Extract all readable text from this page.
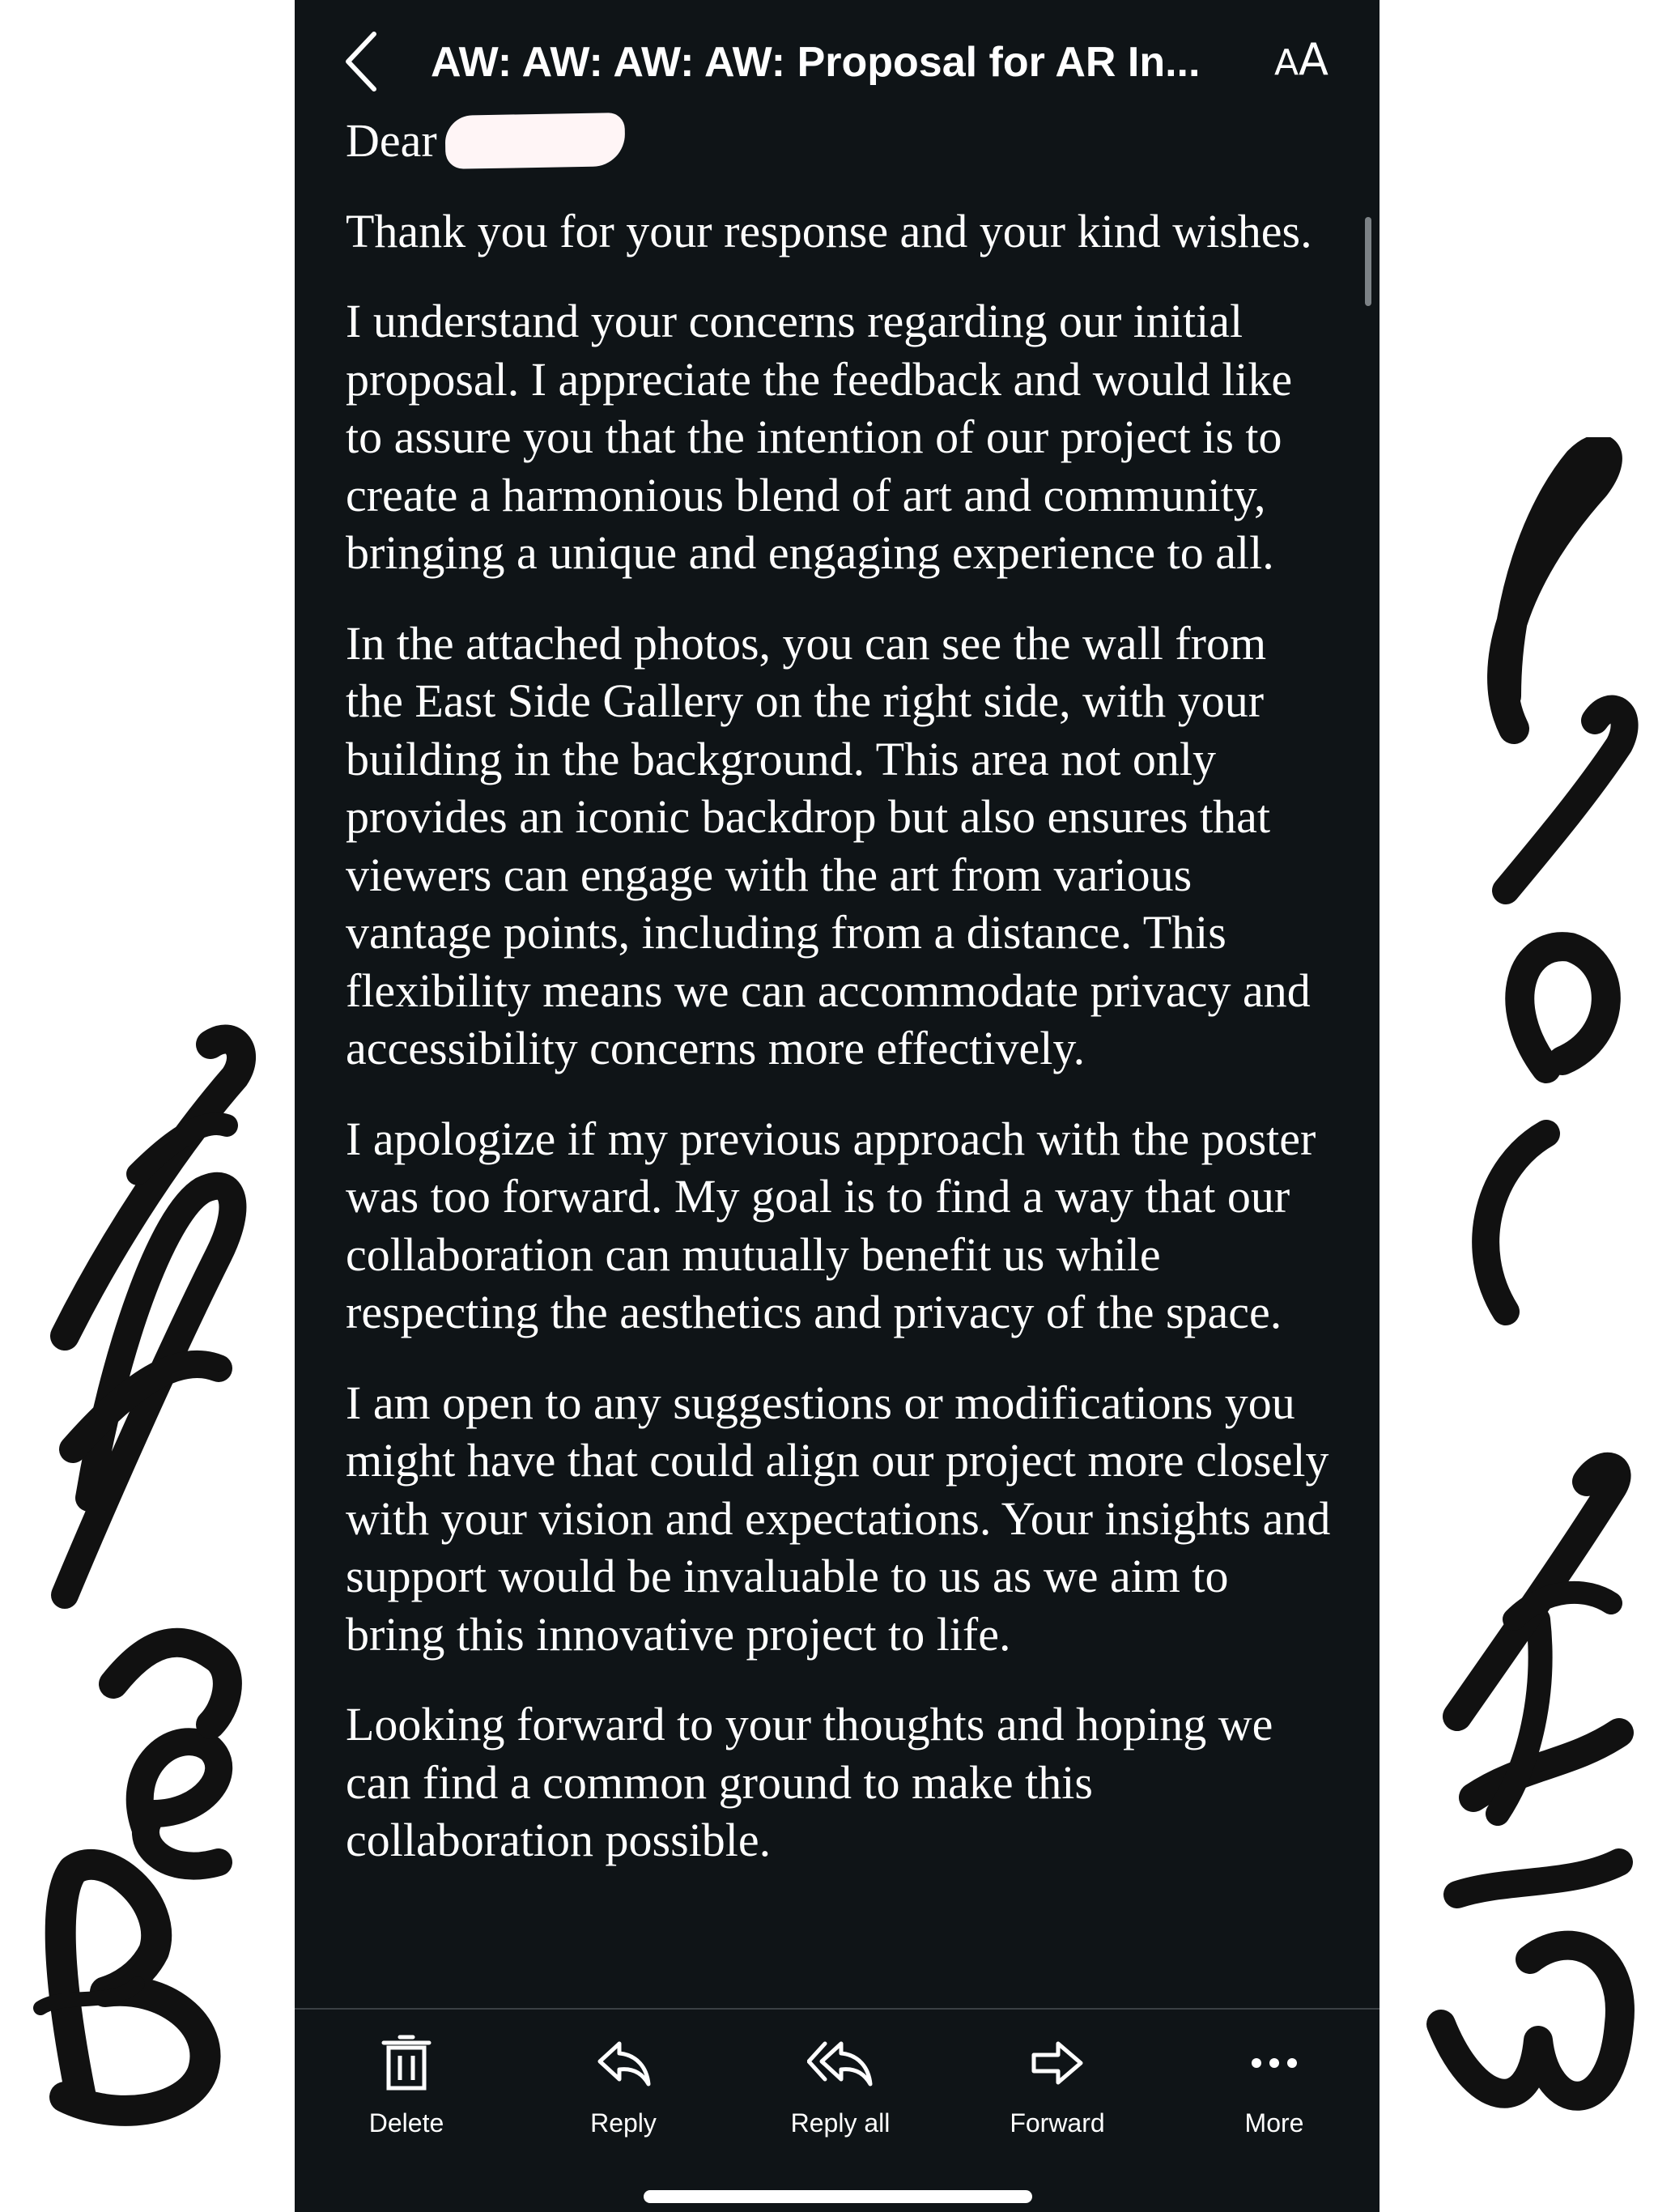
AW: AW: AW: AW: Proposal for AR In...	A A

Dear

Thank you for your response and your kind wishes.

I understand your concerns regarding our initial proposal. I appreciate the feedback and would like to assure you that the intention of our project is to create a harmonious blend of art and community, bringing a unique and engaging experience to all.

In the attached photos, you can see the wall from the East Side Gallery on the right side, with your building in the background. This area not only provides an iconic backdrop but also ensures that viewers can engage with the art from various vantage points, including from a distance. This flexibility means we can accommodate privacy and accessibility concerns more effectively.

I apologize if my previous approach with the poster was too forward. My goal is to find a way that our collaboration can mutually benefit us while respecting the aesthetics and privacy of the space.

I am open to any suggestions or modifications you might have that could align our project more closely with your vision and expectations. Your insights and support would be invaluable to us as we aim to bring this innovative project to life.

Looking forward to your thoughts and hoping we can find a common ground to make this collaboration possible.

Delete	Reply	Reply all	Forward	More
